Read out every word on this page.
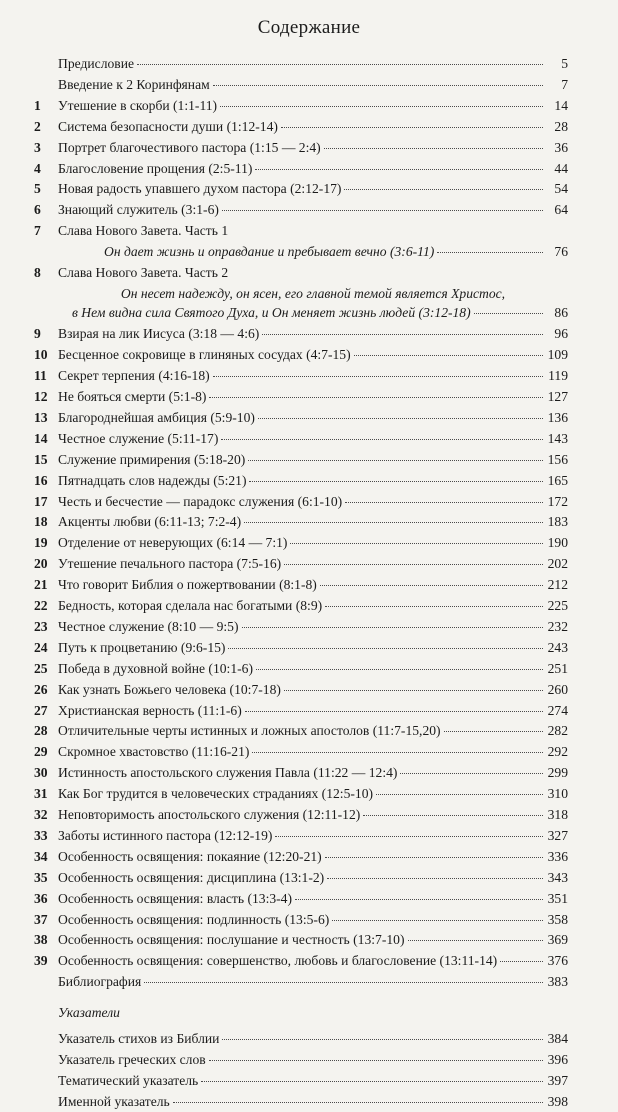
Содержание
Предисловие	5
Введение к 2 Коринфянам	7
1	Утешение в скорби (1:1-11)	14
2	Система безопасности души (1:12-14)	28
3	Портрет благочестивого пастора (1:15 — 2:4)	36
4	Благословение прощения (2:5-11)	44
5	Новая радость упавшего духом пастора (2:12-17)	54
6	Знающий служитель (3:1-6)	64
7	Слава Нового Завета. Часть 1
Он дает жизнь и оправдание и пребывает вечно (3:6-11)	76
8	Слава Нового Завета. Часть 2
Он несет надежду, он ясен, его главной темой является Христос,
в Нем видна сила Святого Духа, и Он меняет жизнь людей (3:12-18)	86
9	Взирая на лик Иисуса (3:18 — 4:6)	96
10 Бесценное сокровище в глиняных сосудах (4:7-15)	109
11 Секрет терпения (4:16-18)	119
12 Не бояться смерти (5:1-8)	127
13 Благороднейшая амбиция (5:9-10)	136
14 Честное служение (5:11-17)	143
15 Служение примирения (5:18-20)	156
16 Пятнадцать слов надежды (5:21)	165
17 Честь и бесчестие — парадокс служения (6:1-10)	172
18 Акценты любви (6:11-13; 7:2-4)	183
19 Отделение от неверующих (6:14 — 7:1)	190
20 Утешение печального пастора (7:5-16)	202
21 Что говорит Библия о пожертвовании (8:1-8)	212
22 Бедность, которая сделала нас богатыми (8:9)	225
23 Честное служение (8:10 — 9:5)	232
24 Путь к процветанию (9:6-15)	243
25 Победа в духовной войне (10:1-6)	251
26 Как узнать Божьего человека (10:7-18)	260
27 Христианская верность (11:1-6)	274
28 Отличительные черты истинных и ложных апостолов (11:7-15,20)	282
29 Скромное хвастовство (11:16-21)	292
30 Истинность апостольского служения Павла (11:22 — 12:4)	299
31 Как Бог трудится в человеческих страданиях (12:5-10)	310
32 Неповторимость апостольского служения (12:11-12)	318
33 Заботы истинного пастора (12:12-19)	327
34 Особенность освящения: покаяние (12:20-21)	336
35 Особенность освящения: дисциплина (13:1-2)	343
36 Особенность освящения: власть (13:3-4)	351
37 Особенность освящения: подлинность (13:5-6)	358
38 Особенность освящения: послушание и честность (13:7-10)	369
39 Особенность освящения: совершенство, любовь и благословение (13:11-14)	376
Библиография	383
Указатель стихов из Библии	384
Указатель греческих слов	396
Тематический указатель	397
Именной указатель	398
Указатели
